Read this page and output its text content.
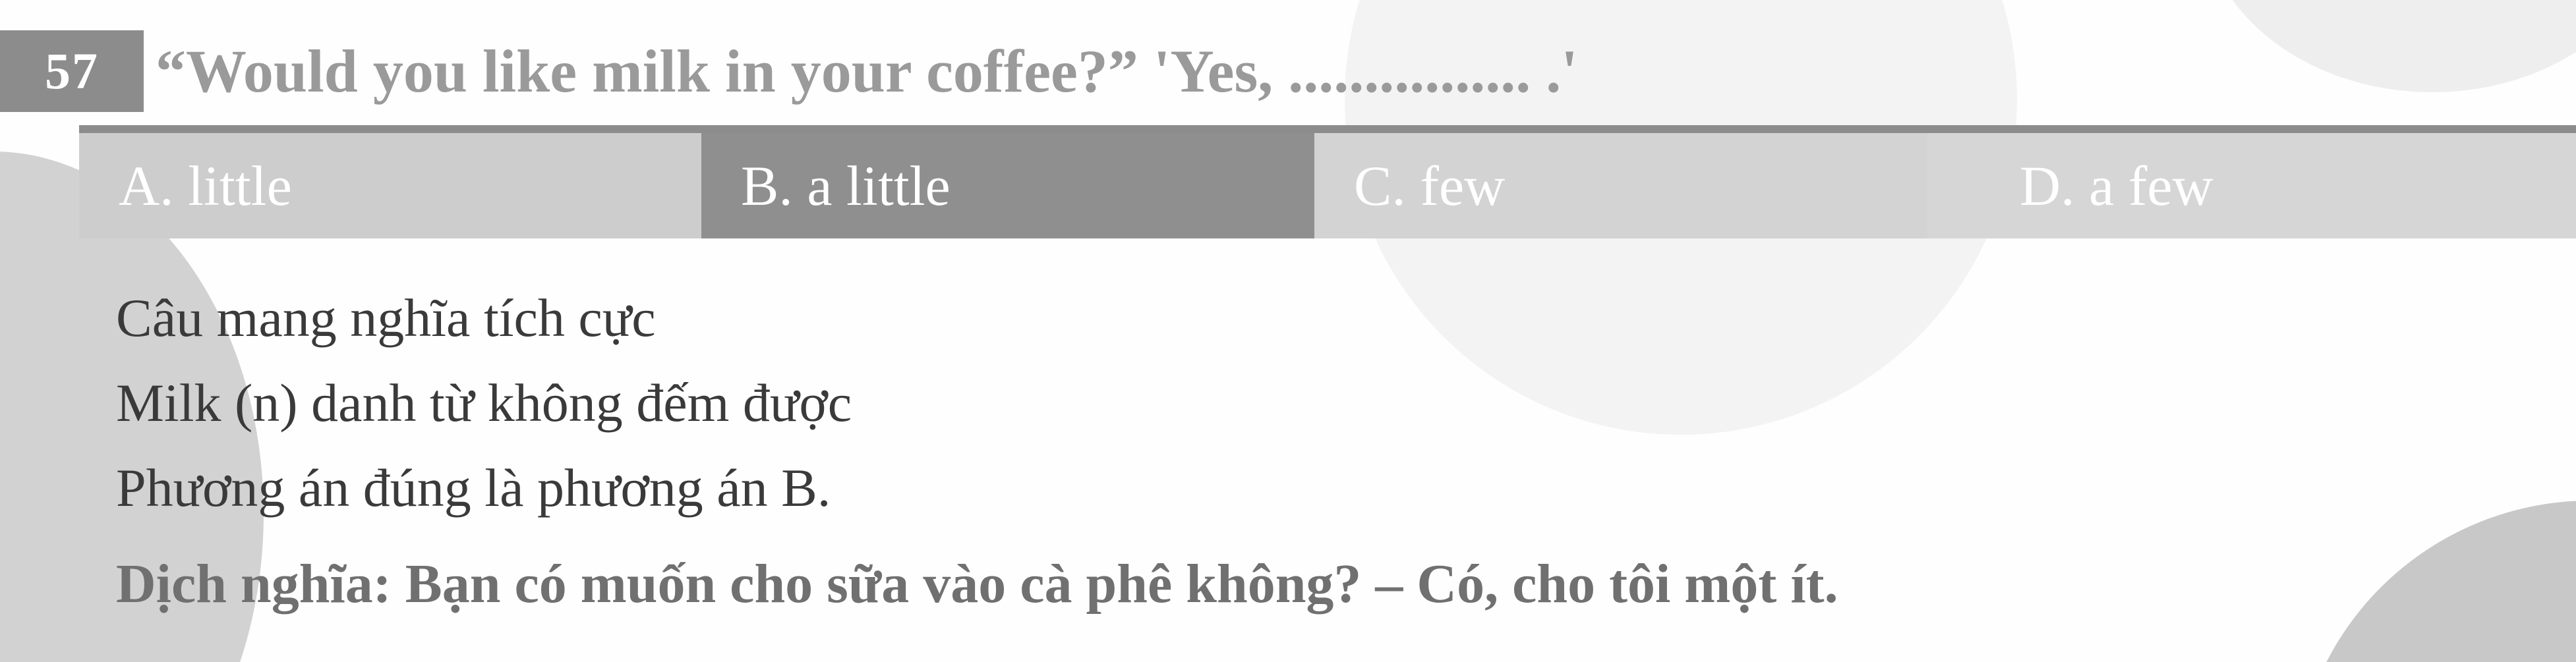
57 “Would you like milk in your coffee?” 'Yes, ................ .'
A. little	B. a little	C. few	D. a few
Câu mang nghĩa tích cực
Milk (n) danh từ không đếm được
Phương án đúng là phương án B.
Dịch nghĩa: Bạn có muốn cho sữa vào cà phê không? – Có, cho tôi một ít.
